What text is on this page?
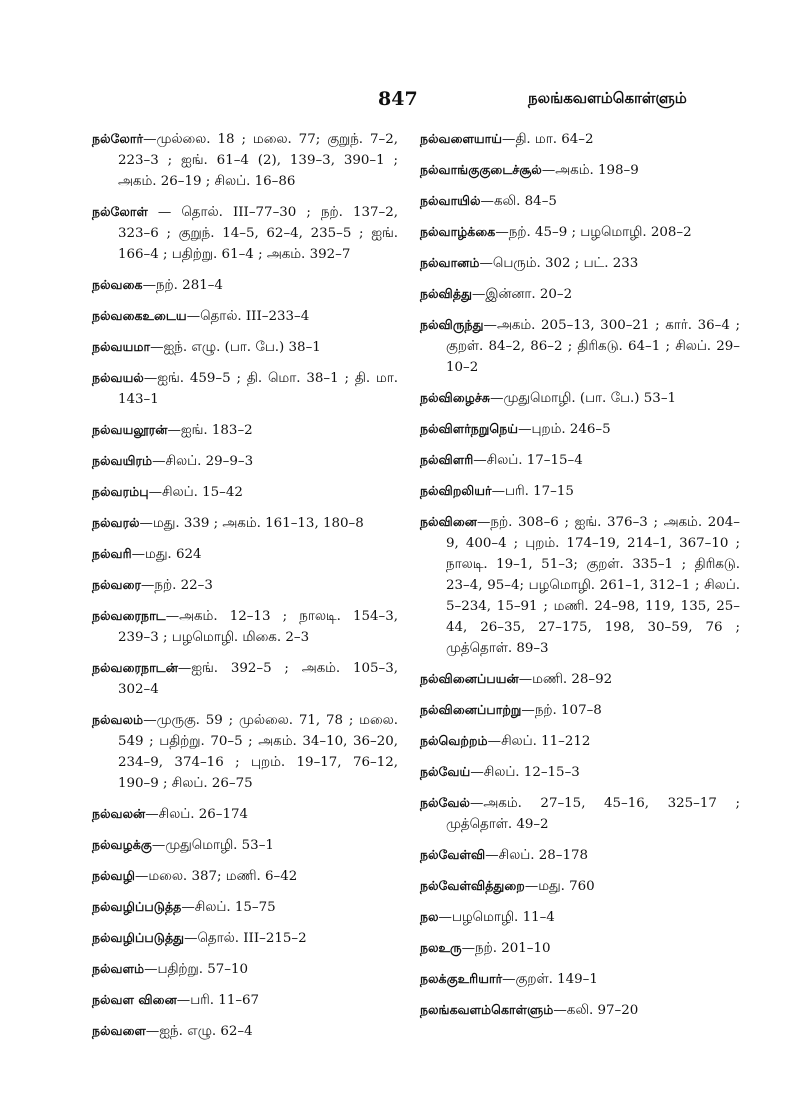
847	நலங்கவளம்கொள்ளும்

நல்லோர்—முல்லை. 18 ; மலை. 77; குறுந். 7–2, 223–3 ; ஐங். 61–4 (2), 139–3, 390–1 ; அகம். 26–19 ; சிலப். 16–86

நல்லோள் — தொல். III–77–30 ; நற். 137–2, 323–6 ; குறுந். 14–5, 62–4, 235–5 ; ஐங். 166–4 ; பதிற்று. 61–4 ; அகம். 392–7

நல்வகை—நற். 281–4

நல்வகைஉடைய—தொல். III–233–4

நல்வயமா—ஐந். எழு. (பா. பே.) 38–1

நல்வயல்—ஐங். 459–5 ; தி. மொ. 38–1 ; தி. மா. 143–1

நல்வயலூரன்—ஐங். 183–2

நல்வயிரம்—சிலப். 29–9–3

நல்வரம்பு—சிலப். 15–42

நல்வரல்—மது. 339 ; அகம். 161–13, 180–8

நல்வரி—மது. 624

நல்வரை—நற். 22–3

நல்வரைநாட—அகம். 12–13 ; நாலடி. 154–3, 239–3 ; பழமொழி. மிகை. 2–3

நல்வரைநாடன்—ஐங். 392–5 ; அகம். 105–3, 302–4

நல்வலம்—முருகு. 59 ; முல்லை. 71, 78 ; மலை. 549 ; பதிற்று. 70–5 ; அகம். 34–10, 36–20, 234–9, 374–16 ; புறம். 19–17, 76–12, 190–9 ; சிலப். 26–75

நல்வலன்—சிலப். 26–174

நல்வழக்கு—முதுமொழி. 53–1

நல்வழி—மலை. 387; மணி. 6–42

நல்வழிப்படுத்த—சிலப். 15–75

நல்வழிப்படுத்து—தொல். III–215–2

நல்வளம்—பதிற்று. 57–10

நல்வள வினை—பரி. 11–67

நல்வளை—ஐந். எழு. 62–4

நல்வளையாய்—தி. மா. 64–2

நல்வாங்குகுடைச்சூல்—அகம். 198–9

நல்வாயில்—கலி. 84–5

நல்வாழ்க்கை—நற். 45–9 ; பழமொழி. 208–2

நல்வானம்—பெரும். 302 ; பட். 233

நல்வித்து—இன்னா. 20–2

நல்விருந்து—அகம். 205–13, 300–21 ; கார். 36–4 ; குறள். 84–2, 86–2 ; திரிகடு. 64–1 ; சிலப். 29–10–2

நல்விழைச்சு—முதுமொழி. (பா. பே.) 53–1

நல்விளர்நறுநெய்—புறம். 246–5

நல்விளரி—சிலப். 17–15–4

நல்விறலியர்—பரி. 17–15

நல்வினை—நற். 308–6 ; ஐங். 376–3 ; அகம். 204–9, 400–4 ; புறம். 174–19, 214–1, 367–10 ; நாலடி. 19–1, 51–3; குறள். 335–1 ; திரிகடு. 23–4, 95–4; பழமொழி. 261–1, 312–1 ; சிலப். 5–234, 15–91 ; மணி. 24–98, 119, 135, 25–44, 26–35, 27–175, 198, 30–59, 76 ; முத்தொள். 89–3

நல்வினைப்பயன்—மணி. 28–92

நல்வினைப்பாற்று—நற். 107–8

நல்வெற்றம்—சிலப். 11–212

நல்வேய்—சிலப். 12–15–3

நல்வேல்—அகம். 27–15, 45–16, 325–17 ; முத்தொள். 49–2

நல்வேள்வி—சிலப். 28–178

நல்வேள்வித்துறை—மது. 760

நல—பழமொழி. 11–4

நலஉரு—நற். 201–10

நலக்குஉரியார்—குறள். 149–1

நலங்கவளம்கொள்ளும்—கலி. 97–20
